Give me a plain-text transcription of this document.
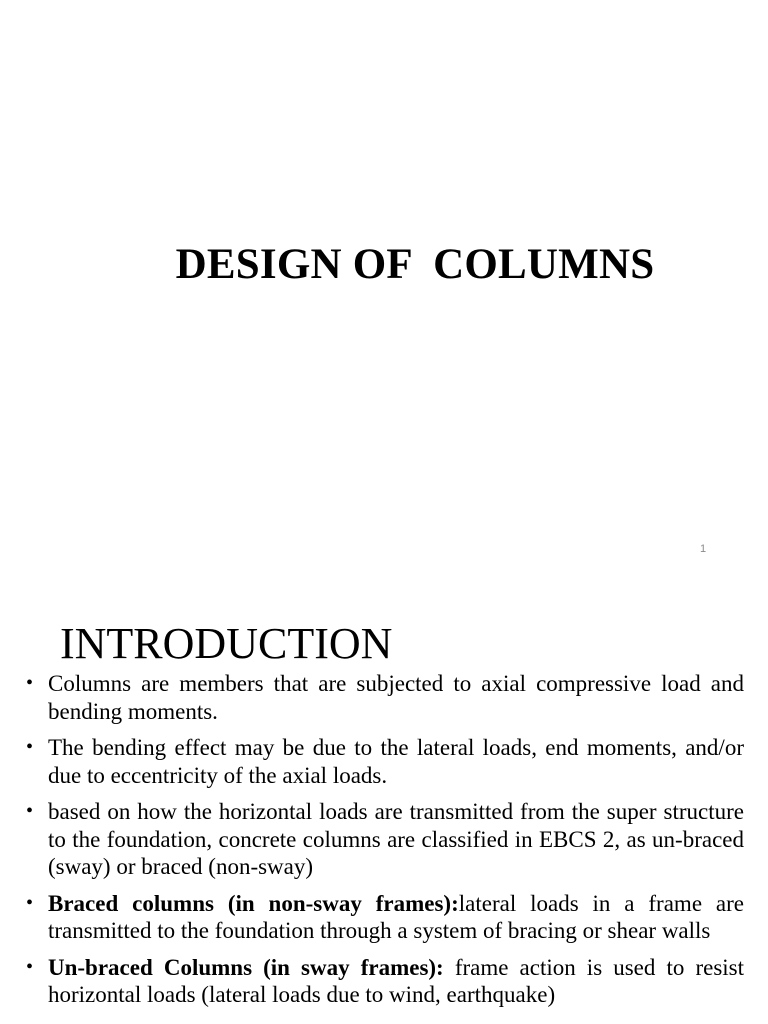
DESIGN OF  COLUMNS
1
INTRODUCTION
• Columns are members that are subjected to axial compressive load and bending moments.
• The bending effect may be due to the lateral loads, end moments, and/or due to eccentricity of the axial loads.
• based on how the horizontal loads are transmitted from the super structure to the foundation, concrete columns are classified in EBCS 2, as un-braced (sway) or braced (non-sway)
• Braced columns (in non-sway frames):lateral loads in a frame are transmitted to the foundation through a system of bracing or shear walls
• Un-braced Columns (in sway frames): frame action is used to resist horizontal loads (lateral loads due to wind, earthquake)
